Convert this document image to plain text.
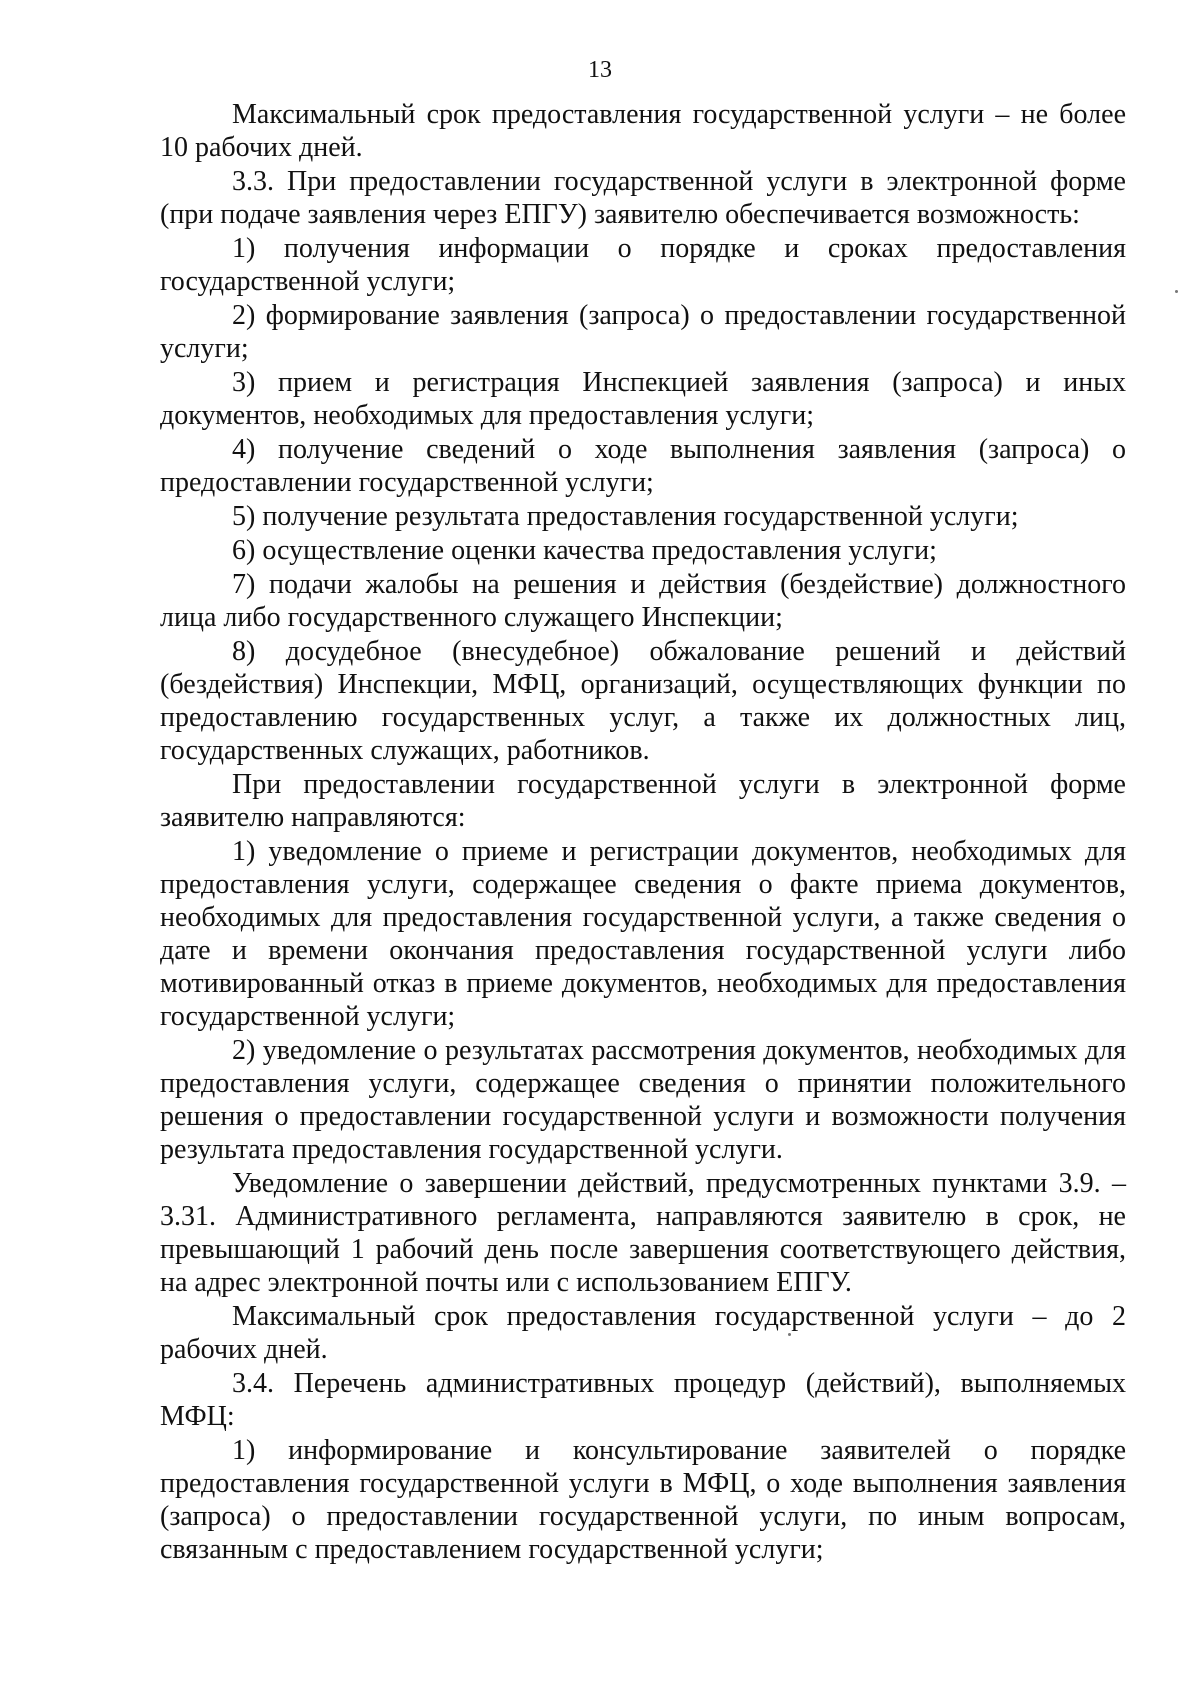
13

Максимальный срок предоставления государственной услуги – не более 10 рабочих дней.

3.3. При предоставлении государственной услуги в электронной форме (при подаче заявления через ЕПГУ) заявителю обеспечивается возможность:

1) получения информации о порядке и сроках предоставления государственной услуги;

2) формирование заявления (запроса) о предоставлении государственной услуги;

3) прием и регистрация Инспекцией заявления (запроса) и иных документов, необходимых для предоставления услуги;

4) получение сведений о ходе выполнения заявления (запроса) о предоставлении государственной услуги;

5) получение результата предоставления государственной услуги;

6) осуществление оценки качества предоставления услуги;

7) подачи жалобы на решения и действия (бездействие) должностного лица либо государственного служащего Инспекции;

8) досудебное (внесудебное) обжалование решений и действий (бездействия) Инспекции, МФЦ, организаций, осуществляющих функции по предоставлению государственных услуг, а также их должностных лиц, государственных служащих, работников.

При предоставлении государственной услуги в электронной форме заявителю направляются:

1) уведомление о приеме и регистрации документов, необходимых для предоставления услуги, содержащее сведения о факте приема документов, необходимых для предоставления государственной услуги, а также сведения о дате и времени окончания предоставления государственной услуги либо мотивированный отказ в приеме документов, необходимых для предоставления государственной услуги;

2) уведомление о результатах рассмотрения документов, необходимых для предоставления услуги, содержащее сведения о принятии положительного решения о предоставлении государственной услуги и возможности получения результата предоставления государственной услуги.

Уведомление о завершении действий, предусмотренных пунктами 3.9. – 3.31. Административного регламента, направляются заявителю в срок, не превышающий 1 рабочий день после завершения соответствующего действия, на адрес электронной почты или с использованием ЕПГУ.

Максимальный срок предоставления государственной услуги – до 2 рабочих дней.

3.4. Перечень административных процедур (действий), выполняемых МФЦ:

1) информирование и консультирование заявителей о порядке предоставления государственной услуги в МФЦ, о ходе выполнения заявления (запроса) о предоставлении государственной услуги, по иным вопросам, связанным с предоставлением государственной услуги;
